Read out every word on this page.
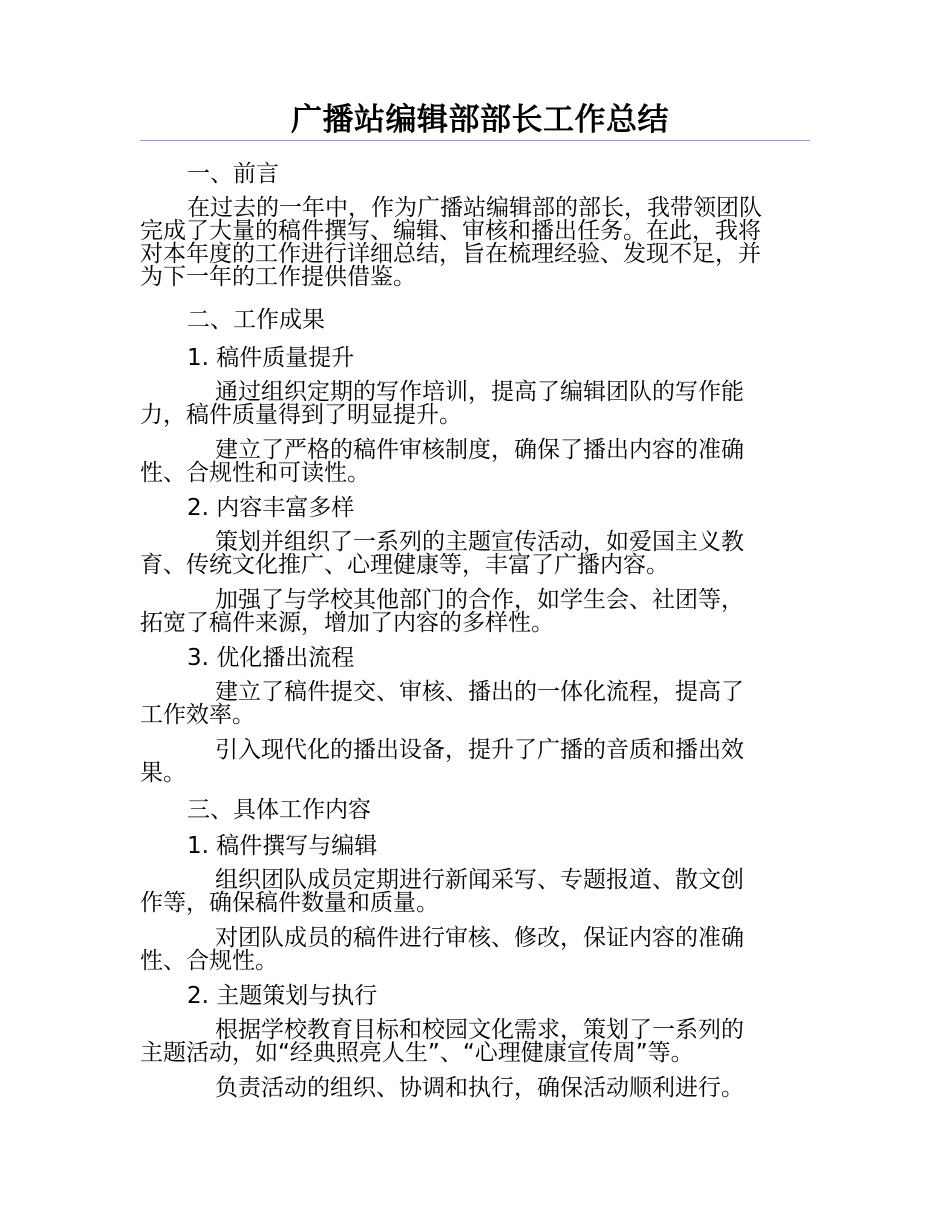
广播站编辑部部长工作总结
一、前言
在过去的一年中，作为广播站编辑部的部长，我带领团队
完成了大量的稿件撰写、编辑、审核和播出任务。在此，我将
对本年度的工作进行详细总结，旨在梳理经验、发现不足，并
为下一年的工作提供借鉴。
二、工作成果
1. 稿件质量提升
通过组织定期的写作培训，提高了编辑团队的写作能
力，稿件质量得到了明显提升。
建立了严格的稿件审核制度，确保了播出内容的准确
性、合规性和可读性。
2. 内容丰富多样
策划并组织了一系列的主题宣传活动，如爱国主义教
育、传统文化推广、心理健康等，丰富了广播内容。
加强了与学校其他部门的合作，如学生会、社团等，
拓宽了稿件来源，增加了内容的多样性。
3. 优化播出流程
建立了稿件提交、审核、播出的一体化流程，提高了
工作效率。
引入现代化的播出设备，提升了广播的音质和播出效
果。
三、具体工作内容
1. 稿件撰写与编辑
组织团队成员定期进行新闻采写、专题报道、散文创
作等，确保稿件数量和质量。
对团队成员的稿件进行审核、修改，保证内容的准确
性、合规性。
2. 主题策划与执行
根据学校教育目标和校园文化需求，策划了一系列的
主题活动，如“经典照亮人生”、“心理健康宣传周”等。
负责活动的组织、协调和执行，确保活动顺利进行。
